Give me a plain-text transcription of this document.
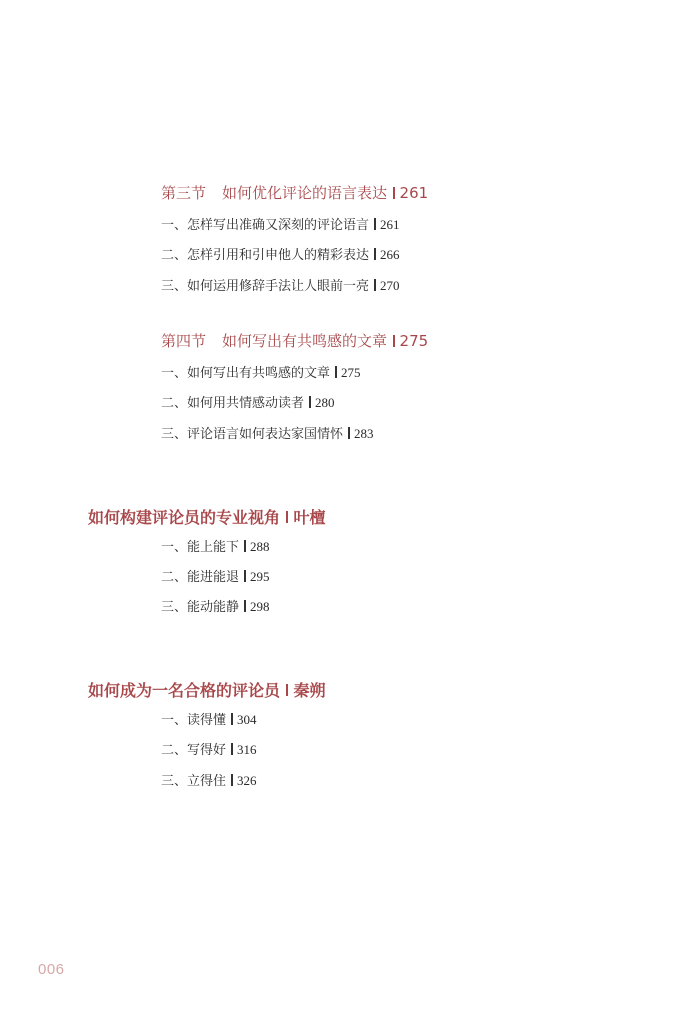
第三节 如何优化评论的语言表达 261
一、怎样写出准确又深刻的评论语言 261
二、怎样引用和引申他人的精彩表达 266
三、如何运用修辞手法让人眼前一亮 270
第四节 如何写出有共鸣感的文章 275
一、如何写出有共鸣感的文章 275
二、如何用共情感动读者 280
三、评论语言如何表达家国情怀 283
如何构建评论员的专业视角 叶檀
一、能上能下 288
二、能进能退 295
三、能动能静 298
如何成为一名合格的评论员 秦朔
一、读得懂 304
二、写得好 316
三、立得住 326
006
